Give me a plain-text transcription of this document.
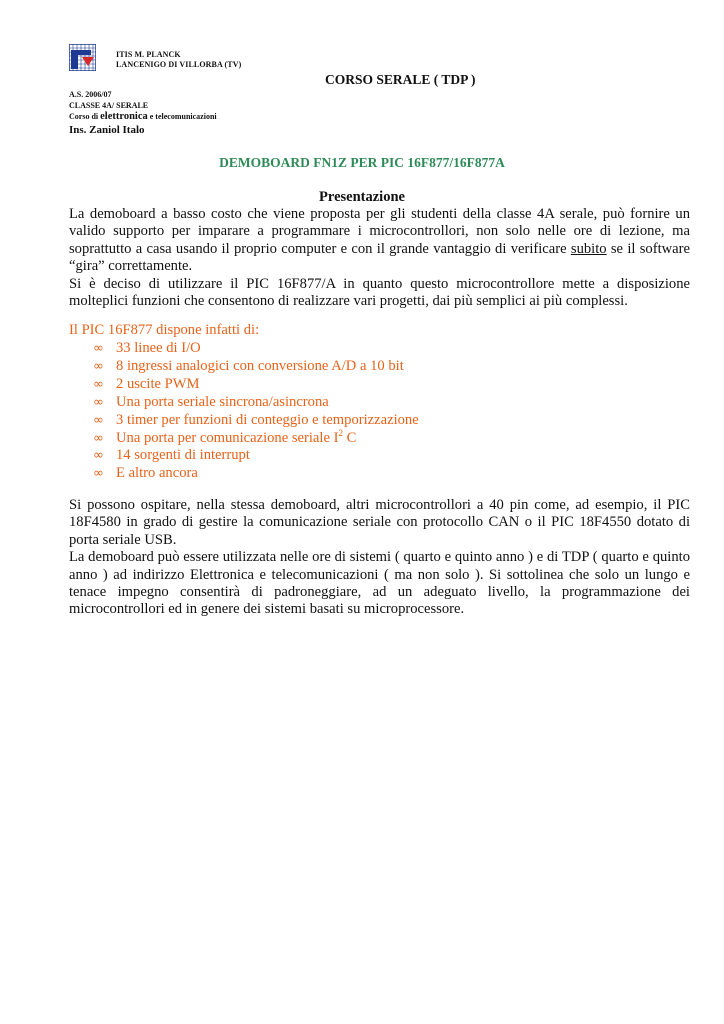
ITIS M. PLANCK
LANCENIGO DI VILLORBA (TV)
CORSO SERALE ( TDP )
A.S. 2006/07
CLASSE 4A/ SERALE
Corso di elettronica e telecomunicazioni
Ins. Zaniol Italo
DEMOBOARD FN1Z PER PIC 16F877/16F877A
Presentazione

La demoboard a basso costo che viene proposta per gli studenti della classe 4A serale, può fornire un valido supporto per imparare a programmare i microcontrollori, non solo nelle ore di lezione, ma soprattutto a casa usando il proprio computer e con il grande vantaggio di verificare subito se il software “gira” correttamente.

Si è deciso di utilizzare il PIC 16F877/A in quanto questo microcontrollore mette a disposizione molteplici funzioni che consentono di realizzare vari progetti, dai più semplici ai più complessi.

Il PIC 16F877 dispone infatti di:
∞ 33 linee di I/O
∞ 8 ingressi analogici con conversione A/D a 10 bit
∞ 2 uscite PWM
∞ Una porta seriale sincrona/asincrona
∞ 3 timer per funzioni di conteggio e temporizzazione
∞ Una porta per comunicazione seriale $I^2$ C
∞ 14 sorgenti di interrupt
∞ E altro ancora

Si possono ospitare, nella stessa demoboard, altri microcontrollori a 40 pin come, ad esempio, il PIC 18F4580 in grado di gestire la comunicazione seriale con protocollo CAN o il PIC 18F4550 dotato di porta seriale USB.

La demoboard può essere utilizzata nelle ore di sistemi ( quarto e quinto anno ) e di TDP ( quarto e quinto anno ) ad indirizzo Elettronica e telecomunicazioni ( ma non solo ). Si sottolinea che solo un lungo e tenace impegno consentirà di padroneggiare, ad un adeguato livello, la programmazione dei microcontrollori ed in genere dei sistemi basati su microprocessore.
